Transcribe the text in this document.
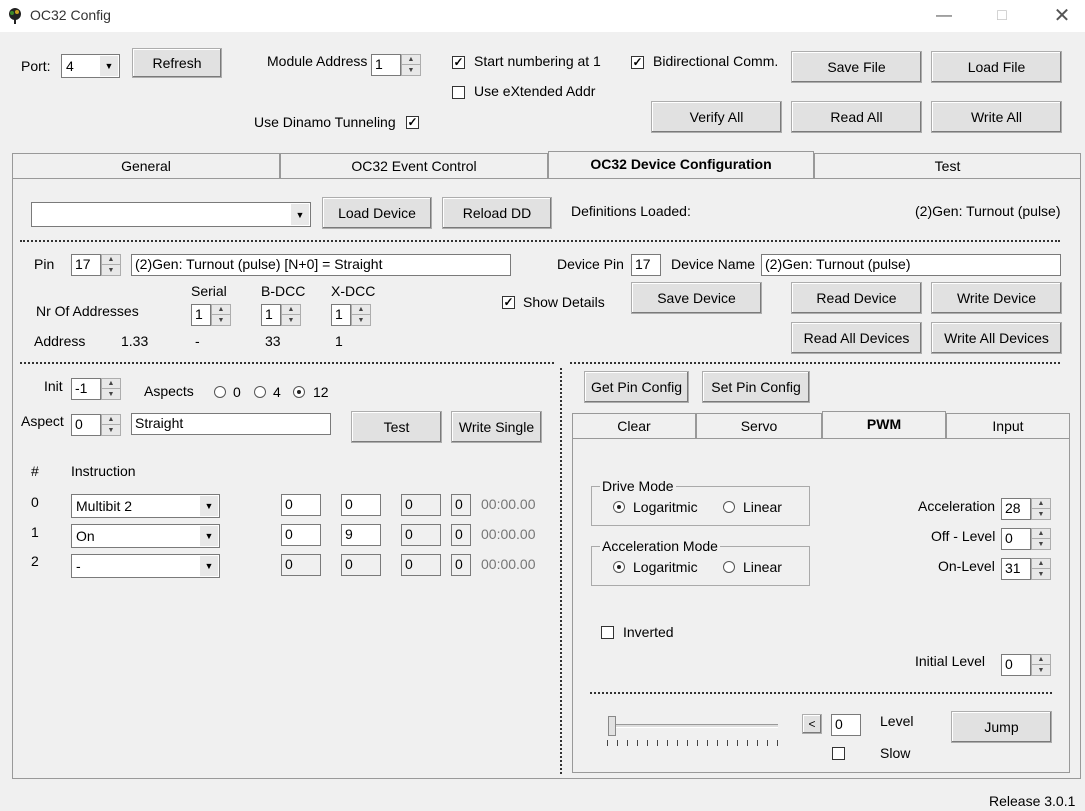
OC32 Config	—	□	✕
Port:	4	▼	Refresh	Module Address 1	▲
▼
✓ Start numbering at 1
Use eXtended Addr
✓ Bidirectional Comm.
Use Dinamo Tunneling ✓
Save File	Load File
Verify All	Read All	Write All
General	OC32 Event Control	OC32 Device Configuration	Test
▼	Load Device	Reload DD	Definitions Loaded:	(2)Gen: Turnout (pulse)
Pin 17	▲
▼	(2)Gen: Turnout (pulse) [N+0] = Straight	Device Pin 17	Device Name (2)Gen: Turnout (pulse)
Serial B-DCC X-DCC
Nr Of Addresses	1	▲
▼	1	▲
▼	1	▲
▼
✓ Show Details	Save Device	Read Device	Write Device
Read All Devices	Write All Devices
Address	1.33	-	33	1
Init -1	▲
▼	Aspects	0 4 12
Aspect 0	▲
▼	Straight	Test	Write Single
# Instruction
0	Multibit 2	▼	0	0	0	0	00:00.00
1	On	▼	0	9	0	0	00:00.00
2	-	▼	0	0	0	0	00:00.00
Get Pin Config	Set Pin Config
Clear	Servo	PWM	Input
Drive Mode
Logaritmic	Linear
Acceleration Mode
Logaritmic	Linear
Acceleration 28	▲
▼
Off - Level 0	▲
▼
On-Level 31	▲
▼
Inverted
Initial Level 0	▲
▼
<	0	Level
Slow
Jump
Release 3.0.1
